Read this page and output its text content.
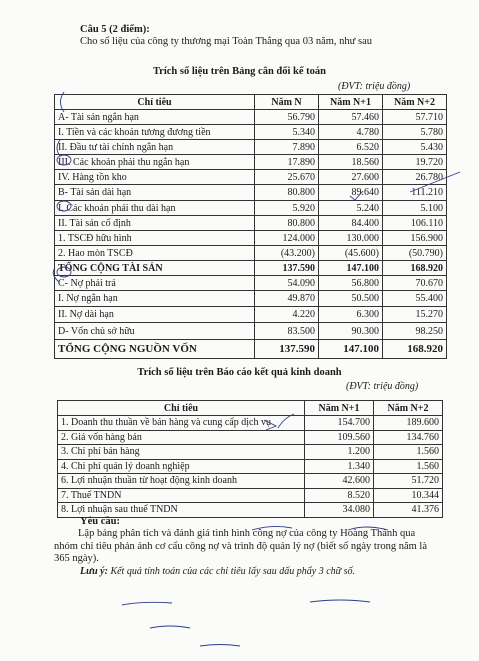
Câu 5 (2 điểm):
Cho số liệu của công ty thương mại Toàn Thắng qua 03 năm, như sau
Trích số liệu trên Bảng cân đối kế toán
(ĐVT: triệu đồng)
Chỉ tiêu	Năm N	Năm N+1	Năm N+2
A- Tài sản ngắn hạn	56.790	57.460	57.710
I. Tiền và các khoản tương đương tiền	5.340	4.780	5.780
II. Đầu tư tài chính ngắn hạn	7.890	6.520	5.430
III. Các khoản phải thu ngắn hạn	17.890	18.560	19.720
IV. Hàng tồn kho	25.670	27.600	26.780
B- Tài sản dài hạn	80.800	89.640	111.210
I. Các khoản phải thu dài hạn	5.920	5.240	5.100
II. Tài sản cố định	80.800	84.400	106.110
1. TSCĐ hữu hình	124.000	130.000	156.900
2. Hao mòn TSCĐ	(43.200)	(45.600)	(50.790)
TỔNG CỘNG TÀI SẢN	137.590	147.100	168.920
C- Nợ phải trả	54.090	56.800	70.670
I. Nợ ngắn hạn	49.870	50.500	55.400
II. Nợ dài hạn	4.220	6.300	15.270
D- Vốn chủ sở hữu	83.500	90.300	98.250
TỔNG CỘNG NGUỒN VỐN	137.590	147.100	168.920
Trích số liệu trên Báo cáo kết quả kinh doanh
(ĐVT: triệu đồng)
Chỉ tiêu	Năm N+1	Năm N+2
1. Doanh thu thuần về bán hàng và cung cấp dịch vụ	154.700	189.600
2. Giá vốn hàng bán	109.560	134.760
3. Chi phí bán hàng	1.200	1.560
4. Chi phí quản lý doanh nghiệp	1.340	1.560
6. Lợi nhuận thuần từ hoạt động kinh doanh	42.600	51.720
7. Thuế TNDN	8.520	10.344
8. Lợi nhuận sau thuế TNDN	34.080	41.376
Yêu cầu:
Lập bảng phân tích và đánh giá tình hình công nợ của công ty Hoàng Thành qua nhóm chỉ tiêu phản ánh cơ cấu công nợ và trình độ quản lý nợ (biết số ngày trong năm là 365 ngày).
Lưu ý: Kết quả tính toán của các chỉ tiêu lấy sau dấu phẩy 3 chữ số.
